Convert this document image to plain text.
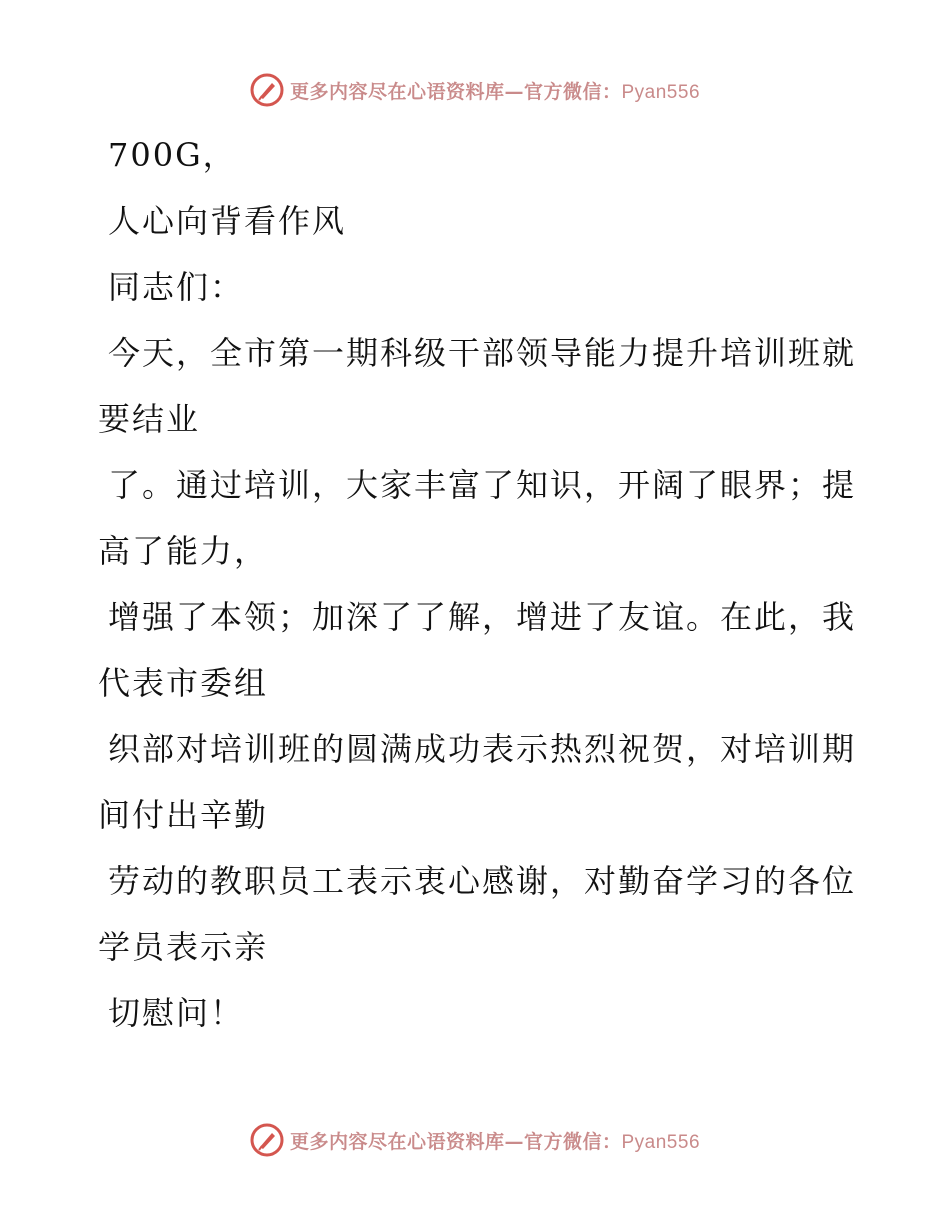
更多内容尽在心语资料库—官方微信：Pyan556

700G，

人心向背看作风

同志们：

今天，全市第一期科级干部领导能力提升培训班就要结业

了。通过培训，大家丰富了知识，开阔了眼界；提高了能力，

增强了本领；加深了了解，增进了友谊。在此，我代表市委组

织部对培训班的圆满成功表示热烈祝贺，对培训期间付出辛勤

劳动的教职员工表示衷心感谢，对勤奋学习的各位学员表示亲

切慰问！

更多内容尽在心语资料库—官方微信：Pyan556
